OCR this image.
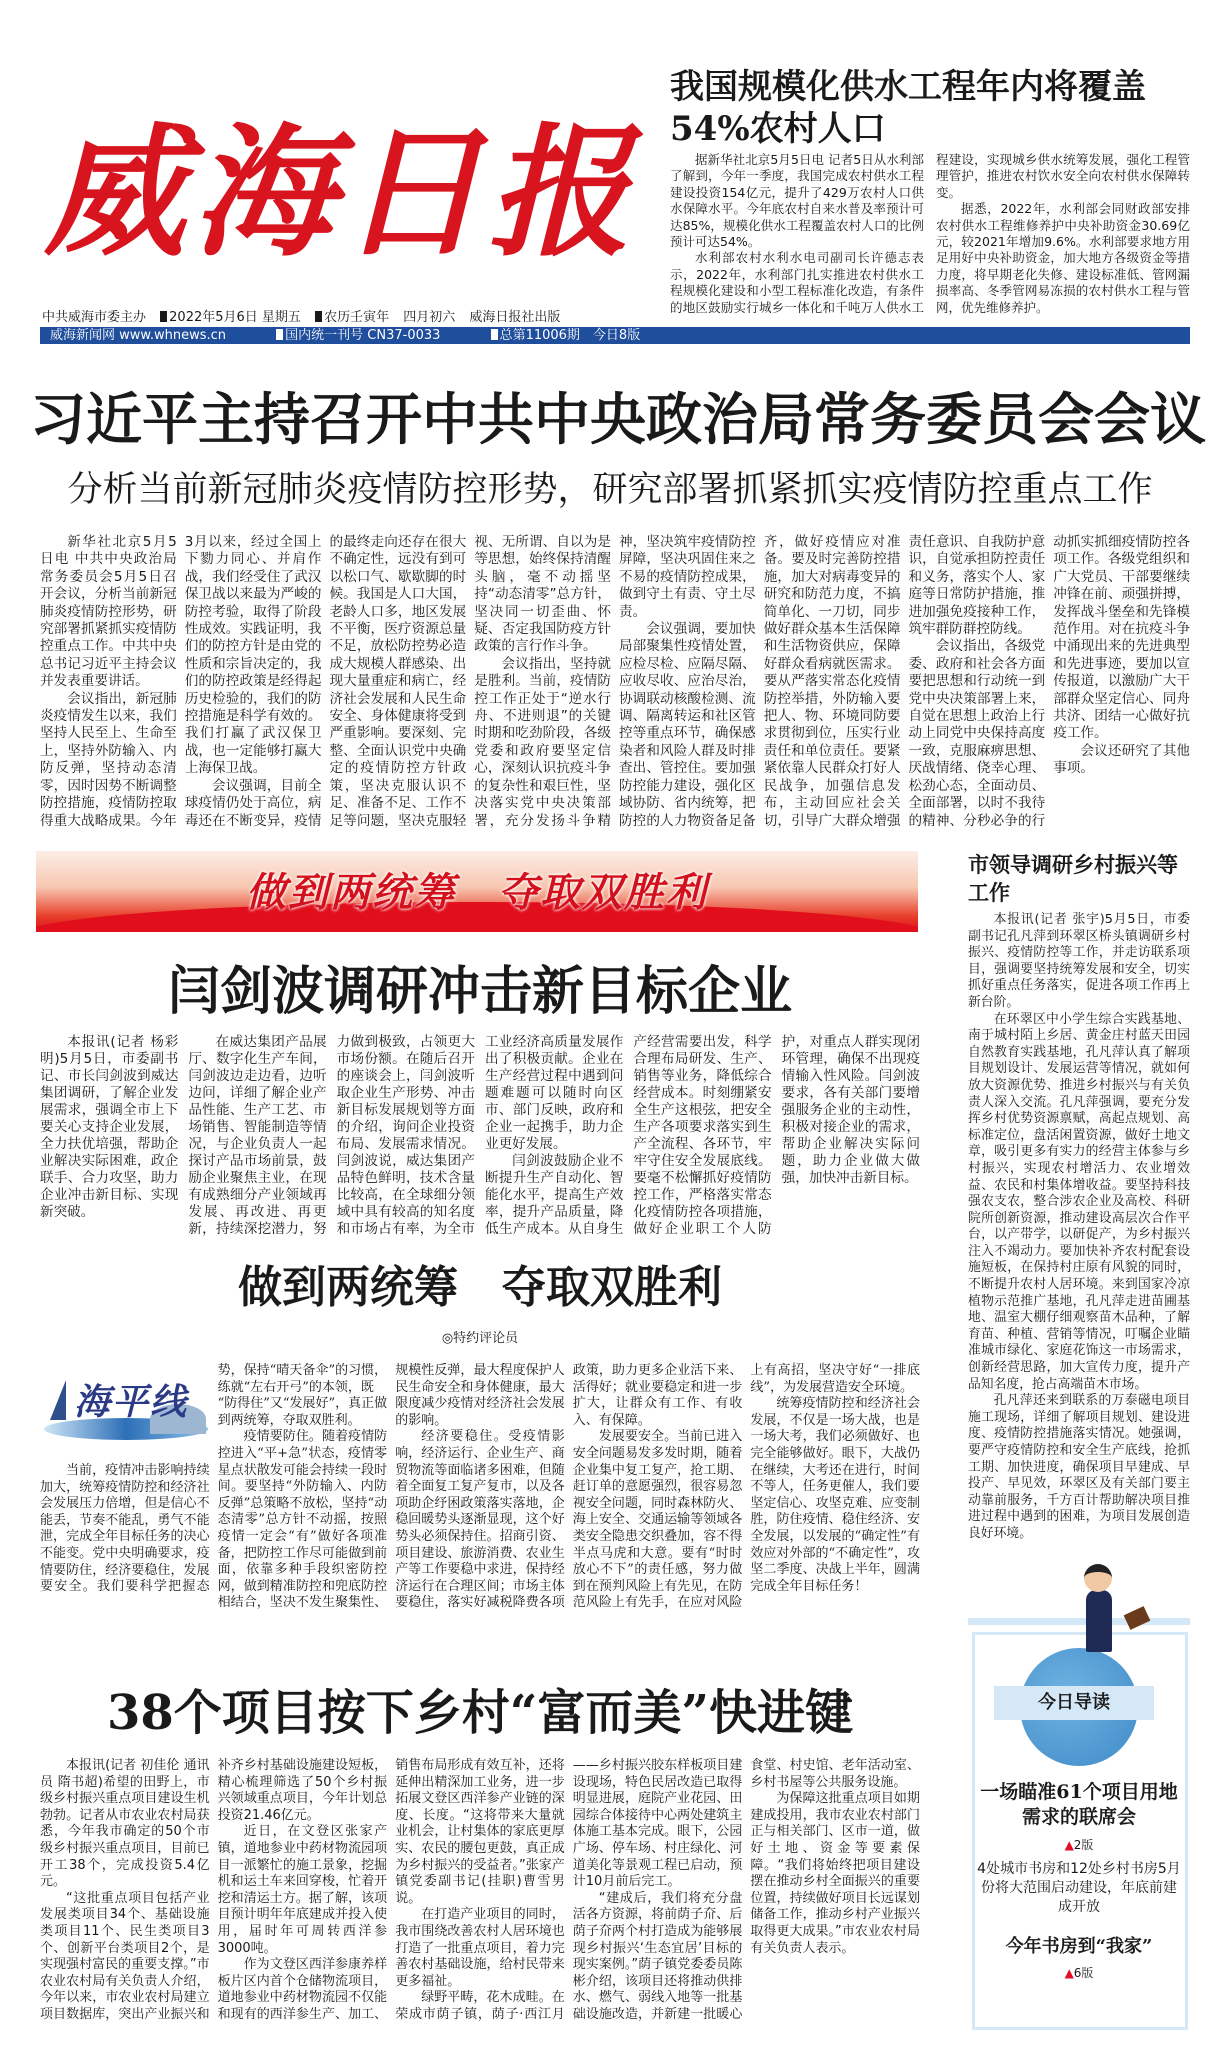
威海日报
中共威海市委主办 2022年5月6日 星期五 农历壬寅年 四月初六 威海日报社出版
威海新闻网 www.whnews.cn	国内统一刊号 CN37-0033	总第11006期　今日8版
我国规模化供水工程年内将覆盖
54%农村人口

据新华社北京5月5日电 记者5日从水利部了解到，今年一季度，我国完成农村供水工程建设投资154亿元，提升了429万农村人口供水保障水平。今年底农村自来水普及率预计可达85%，规模化供水工程覆盖农村人口的比例预计可达54%。

水利部农村水利水电司副司长许德志表示，2022年，水利部门扎实推进农村供水工程规模化建设和小型工程标准化改造，有条件的地区鼓励实行城乡一体化和千吨万人供水工程建设，实现城乡供水统筹发展，强化工程管理管护，推进农村饮水安全向农村供水保障转变。

据悉，2022年，水利部会同财政部安排农村供水工程维修养护中央补助资金30.69亿元，较2021年增加9.6%。水利部要求地方用足用好中央补助资金，加大地方各级资金等措力度，将早期老化失修、建设标准低、管网漏损率高、冬季管网易冻损的农村供水工程与管网，优先维修养护。

习近平主持召开中共中央政治局常务委员会会议
分析当前新冠肺炎疫情防控形势，研究部署抓紧抓实疫情防控重点工作

新华社北京5月5日电 中共中央政治局常务委员会5月5日召开会议，分析当前新冠肺炎疫情防控形势，研究部署抓紧抓实疫情防控重点工作。中共中央总书记习近平主持会议并发表重要讲话。

会议指出，新冠肺炎疫情发生以来，我们坚持人民至上、生命至上，坚持外防输入、内防反弹，坚持动态清零，因时因势不断调整防控措施，疫情防控取得重大战略成果。今年3月以来，经过全国上下勠力同心、并肩作战，我们经受住了武汉保卫战以来最为严峻的防控考验，取得了阶段性成效。实践证明，我们的防控方针是由党的性质和宗旨决定的，我们的防控政策是经得起历史检验的，我们的防控措施是科学有效的。我们打赢了武汉保卫战，也一定能够打赢大上海保卫战。

会议强调，目前全球疫情仍处于高位，病毒还在不断变异，疫情的最终走向还存在很大不确定性，远没有到可以松口气、歇歇脚的时候。我国是人口大国，老龄人口多，地区发展不平衡，医疗资源总量不足，放松防控势必造成大规模人群感染、出现大量重症和病亡，经济社会发展和人民生命安全、身体健康将受到严重影响。要深刻、完整、全面认识党中央确定的疫情防控方针政策，坚决克服认识不足、准备不足、工作不足等问题，坚决克服轻视、无所谓、自以为是等思想，始终保持清醒头脑，毫不动摇坚持“动态清零”总方针，坚决同一切歪曲、怀疑、否定我国防疫方针政策的言行作斗争。

会议指出，坚持就是胜利。当前，疫情防控工作正处于“逆水行舟、不进则退”的关键时期和吃劲阶段，各级党委和政府要坚定信心，深刻认识抗疫斗争的复杂性和艰巨性，坚决落实党中央决策部署，充分发扬斗争精神，坚决筑牢疫情防控屏障，坚决巩固住来之不易的疫情防控成果，做到守土有责、守土尽责。

会议强调，要加快局部聚集性疫情处置，应检尽检、应隔尽隔、应收尽收、应治尽治，协调联动核酸检测、流调、隔离转运和社区管控等重点环节，确保感染者和风险人群及时排查出、管控住。要加强防控能力建设，强化区域协防、省内统筹，把防控的人力物资备足备齐，做好疫情应对准备。要及时完善防控措施，加大对病毒变异的研究和防范力度，不搞简单化、一刀切，同步做好群众基本生活保障和生活物资供应，保障好群众看病就医需求。要从严落实常态化疫情防控举措，外防输入要把人、物、环境同防要求贯彻到位，压实行业责任和单位责任。要紧紧依靠人民群众打好人民战争，加强信息发布，主动回应社会关切，引导广大群众增强责任意识、自我防护意识，自觉承担防控责任和义务，落实个人、家庭等日常防护措施，推进加强免疫接种工作，筑牢群防群控防线。

会议指出，各级党委、政府和社会各方面要把思想和行动统一到党中央决策部署上来，自觉在思想上政治上行动上同党中央保持高度一致，克服麻痹思想、厌战情绪、侥幸心理、松劲心态，全面动员、全面部署，以时不我待的精神、分秒必争的行动抓实抓细疫情防控各项工作。各级党组织和广大党员、干部要继续冲锋在前、顽强拼搏，发挥战斗堡垒和先锋模范作用。对在抗疫斗争中涌现出来的先进典型和先进事迹，要加以宣传报道，以激励广大干部群众坚定信心、同舟共济、团结一心做好抗疫工作。

会议还研究了其他事项。

做到两统筹　夺取双胜利
闫剑波调研冲击新目标企业

本报讯(记者 杨彩明)5月5日，市委副书记、市长闫剑波到威达集团调研，了解企业发展需求，强调全市上下要关心支持企业发展，全力扶优培强，帮助企业解决实际困难，政企联手、合力攻坚，助力企业冲击新目标、实现新突破。

在威达集团产品展厅、数字化生产车间，闫剑波边走边看，边听边问，详细了解企业产品性能、生产工艺、市场销售、智能制造等情况，与企业负责人一起探讨产品市场前景，鼓励企业聚焦主业，在现有成熟细分产业领域再发展、再改进、再更新，持续深挖潜力，努力做到极致，占领更大市场份额。在随后召开的座谈会上，闫剑波听取企业生产形势、冲击新目标发展规划等方面的介绍，询问企业投资布局、发展需求情况。闫剑波说，威达集团产品特色鲜明，技术含量比较高，在全球细分领域中具有较高的知名度和市场占有率，为全市工业经济高质量发展作出了积极贡献。企业在生产经营过程中遇到问题难题可以随时向区市、部门反映，政府和企业一起携手，助力企业更好发展。

闫剑波鼓励企业不断提升生产自动化、智能化水平，提高生产效率，提升产品质量，降低生产成本。从自身生产经营需要出发，科学合理布局研发、生产、销售等业务，降低综合经营成本。时刻绷紧安全生产这根弦，把安全生产各项要求落实到生产全流程、各环节，牢牢守住安全发展底线。要毫不松懈抓好疫情防控工作，严格落实常态化疫情防控各项措施，做好企业职工个人防护，对重点人群实现闭环管理，确保不出现疫情输入性风险。闫剑波要求，各有关部门要增强服务企业的主动性，积极对接企业的需求，帮助企业解决实际问题，助力企业做大做强，加快冲击新目标。

市领导调研乡村振兴等工作

本报讯(记者 张宇)5月5日，市委副书记孔凡萍到环翠区桥头镇调研乡村振兴、疫情防控等工作，并走访联系项目，强调要坚持统筹发展和安全，切实抓好重点任务落实，促进各项工作再上新台阶。

在环翠区中小学生综合实践基地、南于城村陌上乡居、黄金庄村蓝天田园自然教育实践基地，孔凡萍认真了解项目规划设计、发展运营等情况，就如何放大资源优势、推进乡村振兴与有关负责人深入交流。孔凡萍强调，要充分发挥乡村优势资源禀赋，高起点规划、高标准定位，盘活闲置资源，做好土地文章，吸引更多有实力的经营主体参与乡村振兴，实现农村增活力、农业增效益、农民和村集体增收益。要坚持科技强农支农，整合涉农企业及高校、科研院所创新资源，推动建设高层次合作平台，以产带学，以研促产，为乡村振兴注入不竭动力。要加快补齐农村配套设施短板，在保持村庄原有风貌的同时，不断提升农村人居环境。来到国家冷凉植物示范推广基地，孔凡萍走进苗圃基地、温室大棚仔细观察苗木品种，了解育苗、种植、营销等情况，叮嘱企业瞄准城市绿化、家庭花饰这一市场需求，创新经营思路，加大宣传力度，提升产品知名度，抢占高端苗木市场。

孔凡萍还来到联系的万泰磁电项目施工现场，详细了解项目规划、建设进度、疫情防控措施落实情况。她强调，要严守疫情防控和安全生产底线，抢抓工期、加快进度，确保项目早建成、早投产、早见效，环翠区及有关部门要主动靠前服务，千方百计帮助解决项目推进过程中遇到的困难，为项目发展创造良好环境。

做到两统筹　夺取双胜利
◎特约评论员

当前，疫情冲击影响持续加大，统筹疫情防控和经济社会发展压力倍增，但是信心不能丢，节奏不能乱，勇气不能泄，完成全年目标任务的决心不能变。党中央明确要求，疫情要防住，经济要稳住，发展要安全。我们要科学把握态势，保持“晴天备伞”的习惯，练就“左右开弓”的本领，既

“防得住”又“发展好”，真正做到两统筹，夺取双胜利。

疫情要防住。随着疫情防控进入“平+急”状态，疫情零星点状散发可能会持续一段时间。要坚持“外防输入、内防反弹”总策略不放松，坚持“动态清零”总方针不动摇，按照疫情一定会“有”做好各项准备，把防控工作尽可能做到前面，依靠多种手段织密防控网，做到精准防控和兜底防控相结合，坚决不发生聚集性、规模性反弹，最大程度保护人民生命安全和身体健康，最大限度减少疫情对经济社会发展的影响。

经济要稳住。受疫情影响，经济运行、企业生产、商贸物流等面临诸多困难，但随着全面复工复产复市，以及各项助企纾困政策落实落地，企稳回暖势头逐渐显现，这个好势头必须保持住。招商引资、项目建设、旅游消费、农业生产等工作要稳中求进，保持经济运行在合理区间；市场主体要稳住，落实好减税降费各项政策，助力更多企业活下来、活得好；就业要稳定和进一步扩大，让群众有工作、有收入、有保障。

发展要安全。当前已进入安全问题易发多发时期，随着企业集中复工复产，抢工期、赶订单的意愿强烈，很容易忽视安全问题，同时森林防火、海上安全、交通运输等领域各类安全隐患交织叠加，容不得半点马虎和大意。要有“时时放心不下”的责任感，努力做到在预判风险上有先见，在防范风险上有先手，在应对风险上有高招，坚决守好“一排底线”，为发展营造安全环境。

统筹疫情防控和经济社会发展，不仅是一场大战，也是一场大考，我们必须做好、也完全能够做好。眼下，大战仍在继续，大考还在进行，时间不等人，任务更催人，我们要坚定信心、攻坚克难、应变制胜，防住疫情、稳住经济、安全发展，以发展的“确定性”有效应对外部的“不确定性”，攻坚二季度、决战上半年，圆满完成全年目标任务！

海平线
38个项目按下乡村“富而美”快进键

本报讯(记者 初佳伦 通讯员 隋书超)希望的田野上，市级乡村振兴重点项目建设生机勃勃。记者从市农业农村局获悉，今年我市确定的50个市级乡村振兴重点项目，目前已开工38个，完成投资5.4亿元。

“这批重点项目包括产业发展类项目34个、基础设施类项目11个、民生类项目3个、创新平台类项目2个，是实现强村富民的重要支撑。”市农业农村局有关负责人介绍，今年以来，市农业农村局建立项目数据库，突出产业振兴和补齐乡村基础设施建设短板，精心梳理筛选了50个乡村振兴领域重点项目，今年计划总投资21.46亿元。

近日，在文登区张家产镇，道地参业中药材物流园项目一派繁忙的施工景象，挖掘机和运土车来回穿梭，忙着开挖和清运土方。据了解，该项目预计明年年底建成并投入使用，届时年可周转西洋参3000吨。

作为文登区西洋参康养样板片区内首个仓储物流项目，道地参业中药材物流园不仅能和现有的西洋参生产、加工、销售布局形成有效互补，还将延伸出精深加工业务，进一步拓展文登区西洋参产业链的深度、长度。“这将带来大量就业机会，让村集体的家底更厚实、农民的腰包更鼓，真正成为乡村振兴的受益者。”张家产镇党委副书记(挂职)曹雪男说。

在打造产业项目的同时，我市围绕改善农村人居环境也打造了一批重点项目，着力完善农村基础设施，给村民带来更多福祉。

绿野平畴，花木成畦。在荣成市荫子镇，荫子·西江月——乡村振兴胶东样板项目建设现场，特色民居改造已取得明显进展，庭院产业花园、田园综合体接待中心两处建筑主体施工基本完成。眼下，公园广场、停车场、村庄绿化、河道美化等景观工程已启动，预计10月前后完工。

“建成后，我们将充分盘活各方资源，将前荫子夼、后荫子夼两个村打造成为能够展现乡村振兴‘生态宜居’目标的现实案例。”荫子镇党委委员陈彬介绍，该项目还将推动供排水、燃气、弱线入地等一批基础设施改造，并新建一批暖心食堂、村史馆、老年活动室、乡村书屋等公共服务设施。

为保障这批重点项目如期建成投用，我市农业农村部门正与相关部门、区市一道，做好土地、资金等要素保障。“我们将始终把项目建设摆在推动乡村全面振兴的重要位置，持续做好项目长远谋划储备工作，推动乡村产业振兴取得更大成果。”市农业农村局有关负责人表示。

今日导读
一场瞄准61个项目用地需求的联席会
▲2版
4处城市书房和12处乡村书房5月份将大范围启动建设，年底前建成开放
今年书房到“我家”
▲6版
